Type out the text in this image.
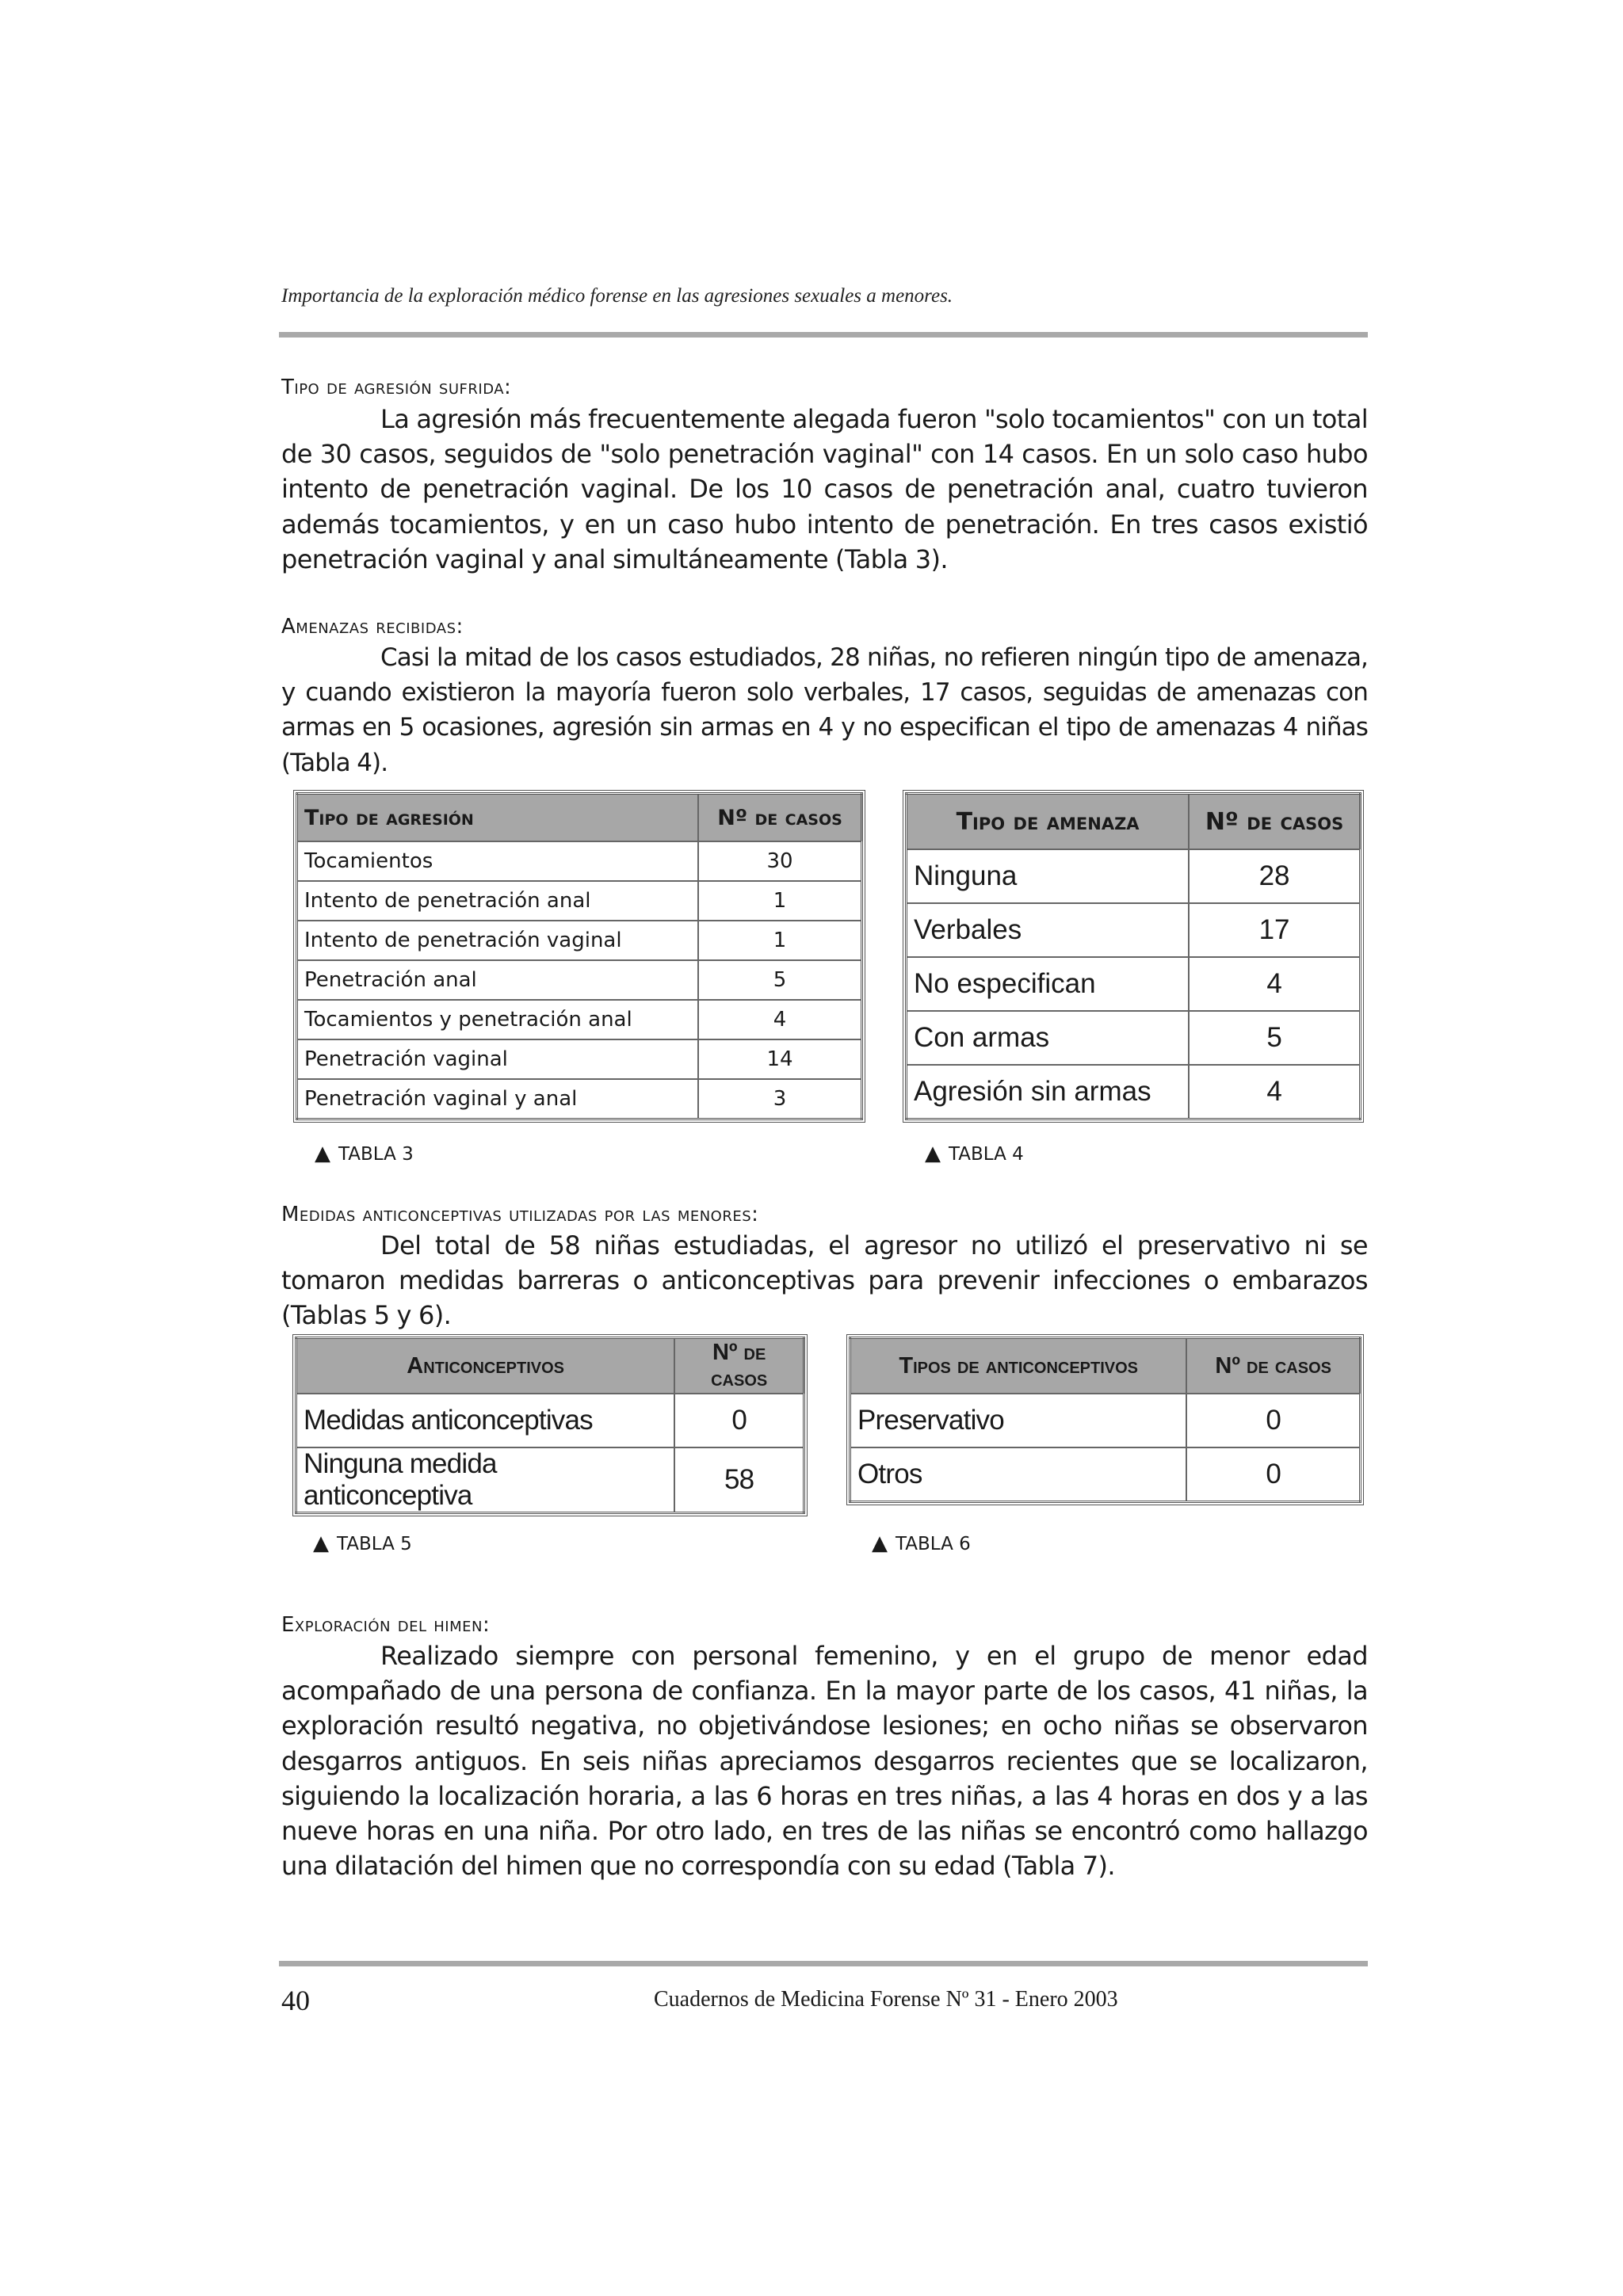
Importancia de la exploración médico forense en las agresiones sexuales a menores.
Tipo de agresión sufrida:

La agresión más frecuentemente alegada fueron "solo tocamientos" con un total de 30 casos, seguidos de "solo penetración vaginal" con 14 casos. En un solo caso hubo intento de penetración vaginal. De los 10 casos de penetración anal, cuatro tuvieron además tocamientos, y en un caso hubo intento de penetración. En tres casos existió penetración vaginal y anal simultáneamente (Tabla 3).

Amenazas recibidas:

Casi la mitad de los casos estudiados, 28 niñas, no refieren ningún tipo de amenaza, y cuando existieron la mayoría fueron solo verbales, 17 casos, seguidas de amenazas con armas en 5 ocasiones, agresión sin armas en 4 y no especifican el tipo de amenazas 4 niñas (Tabla 4).

Tipo de agresión	Nº de casos
Tocamientos	30
Intento de penetración anal	1
Intento de penetración vaginal	1
Penetración anal	5
Tocamientos y penetración anal	4
Penetración vaginal	14
Penetración vaginal y anal	3
▲ TABLA 3
Tipo de amenaza	Nº de casos
Ninguna	28
Verbales	17
No especifican	4
Con armas	5
Agresión sin armas	4
▲ TABLA 4
Medidas anticonceptivas utilizadas por las menores:

Del total de 58 niñas estudiadas, el agresor no utilizó el preservativo ni se tomaron medidas barreras o anticonceptivas para prevenir infecciones o embarazos (Tablas 5 y 6).

Anticonceptivos	Nº de casos
Medidas anticonceptivas	0
Ninguna medida anticonceptiva	58
▲ TABLA 5
Tipos de anticonceptivos	Nº de casos
Preservativo	0
Otros	0
▲ TABLA 6
Exploración del himen:

Realizado siempre con personal femenino, y en el grupo de menor edad acompañado de una persona de confianza. En la mayor parte de los casos, 41 niñas, la exploración resultó negativa, no objetivándose lesiones; en ocho niñas se observaron desgarros antiguos. En seis niñas apreciamos desgarros recientes que se localizaron, siguiendo la localización horaria, a las 6 horas en tres niñas, a las 4 horas en dos y a las nueve horas en una niña. Por otro lado, en tres de las niñas se encontró como hallazgo una dilatación del himen que no correspondía con su edad (Tabla 7).

40	Cuadernos de Medicina Forense Nº 31 - Enero 2003
